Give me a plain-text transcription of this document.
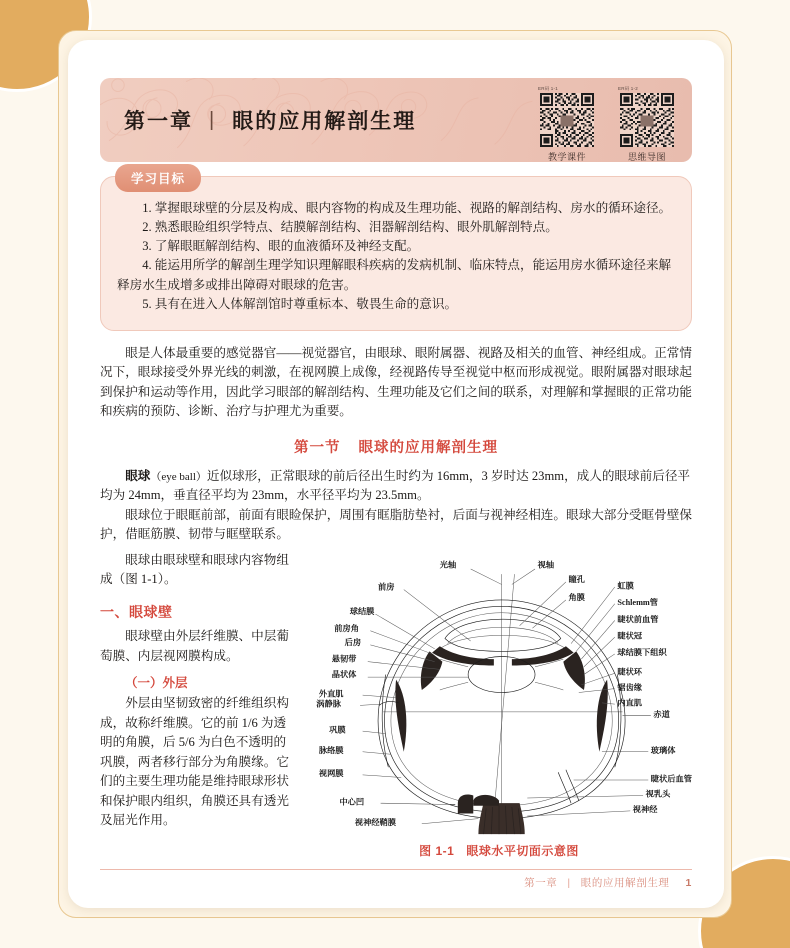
第一章 | 眼的应用解剖生理
ER码 1-1
教学课件
ER码 1-2
思维导图
学习目标

1. 掌握眼球壁的分层及构成、眼内容物的构成及生理功能、视路的解剖结构、房水的循环途径。

2. 熟悉眼睑组织学特点、结膜解剖结构、泪器解剖结构、眼外肌解剖特点。

3. 了解眼眶解剖结构、眼的血液循环及神经支配。

4. 能运用所学的解剖生理学知识理解眼科疾病的发病机制、临床特点，能运用房水循环途径来解释房水生成增多或排出障碍对眼球的危害。

5. 具有在进入人体解剖馆时尊重标本、敬畏生命的意识。

眼是人体最重要的感觉器官——视觉器官，由眼球、眼附属器、视路及相关的血管、神经组成。正常情况下，眼球接受外界光线的刺激，在视网膜上成像，经视路传导至视觉中枢而形成视觉。眼附属器对眼球起到保护和运动等作用，因此学习眼部的解剖结构、生理功能及它们之间的联系，对理解和掌握眼的正常功能和疾病的预防、诊断、治疗与护理尤为重要。

第一节 眼球的应用解剖生理

眼球（eye ball）近似球形，正常眼球的前后径出生时约为 16mm，3 岁时达 23mm，成人的眼球前后径平均为 24mm，垂直径平均为 23mm，水平径平均为 23.5mm。

眼球位于眼眶前部，前面有眼睑保护，周围有眶脂肪垫衬，后面与视神经相连。眼球大部分受眶骨壁保护，借眶筋膜、韧带与眶壁联系。

眼球由眼球壁和眼球内容物组成（图 1-1）。

一、眼球壁

眼球壁由外层纤维膜、中层葡萄膜、内层视网膜构成。

（一）外层

外层由坚韧致密的纤维组织构成，故称纤维膜。它的前 1/6 为透明的角膜，后 5/6 为白色不透明的巩膜，两者移行部分为角膜缘。它们的主要生理功能是维持眼球形状和保护眼内组织，角膜还具有透光及屈光作用。

光轴	视轴
瞳孔
角膜
虹膜
Schlemm管
睫状前血管
睫状冠
球结膜下组织
睫状环
锯齿缘
内直肌
赤道
玻璃体
睫状后血管
视乳头
视神经
前房
球结膜
前房角
后房
悬韧带
晶状体
外直肌
涡静脉
巩膜
脉络膜
视网膜
中心凹
视神经鞘膜
图 1-1 眼球水平切面示意图
第一章 | 眼的应用解剖生理 1
